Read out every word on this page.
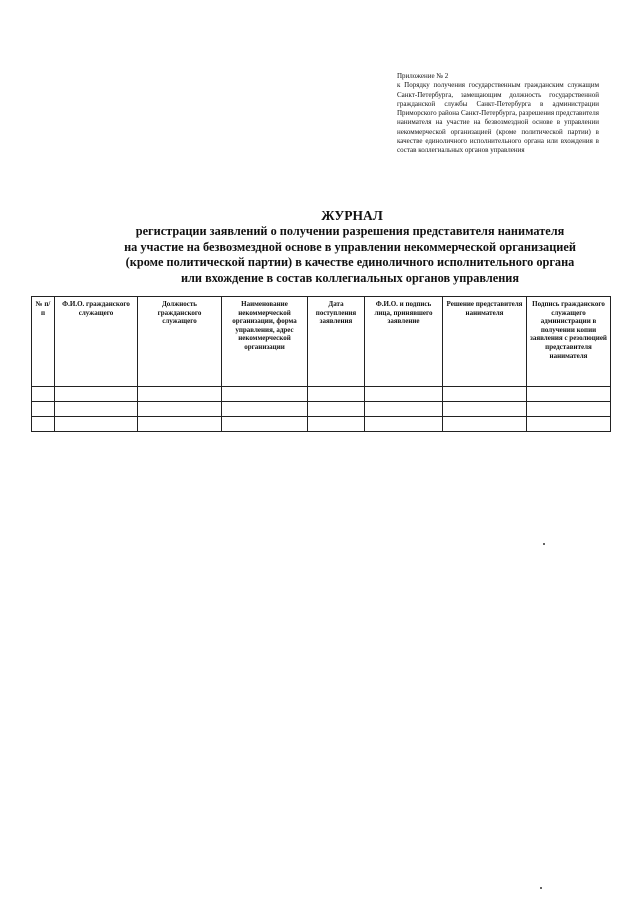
Приложение № 2
к Порядку получения государственным гражданским служащим Санкт-Петербурга, замещающим должность государственной гражданской службы Санкт-Петербурга в администрации Приморского района Санкт-Петербурга, разрешения представителя нанимателя на участие на безвозмездной основе в управлении некоммерческой организацией (кроме политической партии) в качестве единоличного исполнительного органа или вхождения в состав коллегиальных органов управления
ЖУРНАЛ
регистрации заявлений о получении разрешения представителя нанимателя
на участие на безвозмездной основе в управлении некоммерческой организацией
(кроме политической партии) в качестве единоличного исполнительного органа
или вхождение в состав коллегиальных органов управления
№ п/п	Ф.И.О. гражданского служащего	Должность гражданского служащего	Наименование некоммерческой организации, форма управления, адрес некоммерческой организации	Дата поступления заявления	Ф.И.О. и подпись лица, принявшего заявление	Решение представителя нанимателя	Подпись гражданского служащего администрации в получении копии заявления с резолюцией представителя нанимателя
